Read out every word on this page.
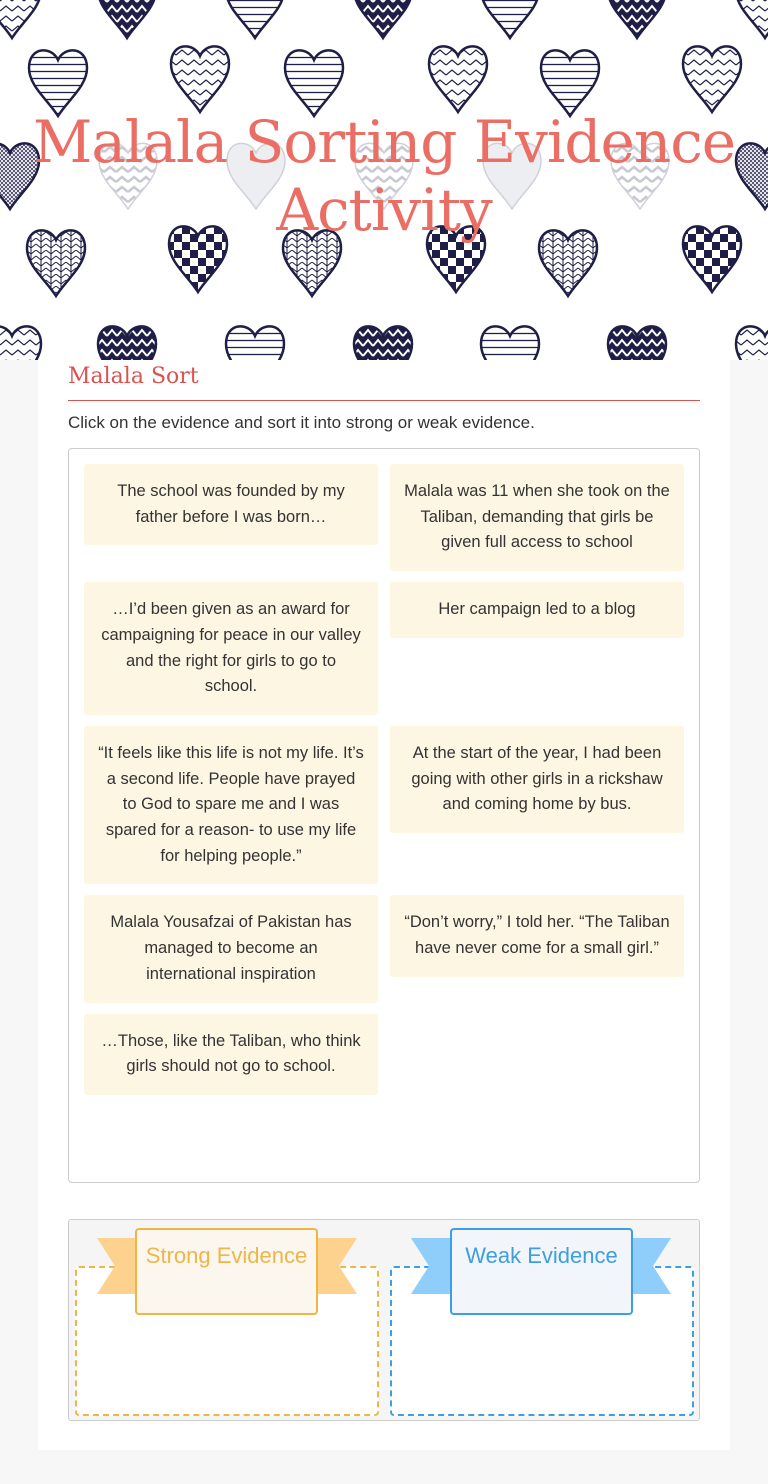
Malala Sorting Evidence Activity
Malala Sort
Click on the evidence and sort it into strong or weak evidence.
The school was founded by my father before I was born…
Malala was 11 when she took on the Taliban, demanding that girls be given full access to school
…I’d been given as an award for campaigning for peace in our valley and the right for girls to go to school.
Her campaign led to a blog
“It feels like this life is not my life. It’s a second life. People have prayed to God to spare me and I was spared for a reason- to use my life for helping people.”
At the start of the year, I had been going with other girls in a rickshaw and coming home by bus.
Malala Yousafzai of Pakistan has managed to become an international inspiration
“Don’t worry,” I told her. “The Taliban have never come for a small girl.”
…Those, like the Taliban, who think girls should not go to school.
Strong Evidence	Weak Evidence
